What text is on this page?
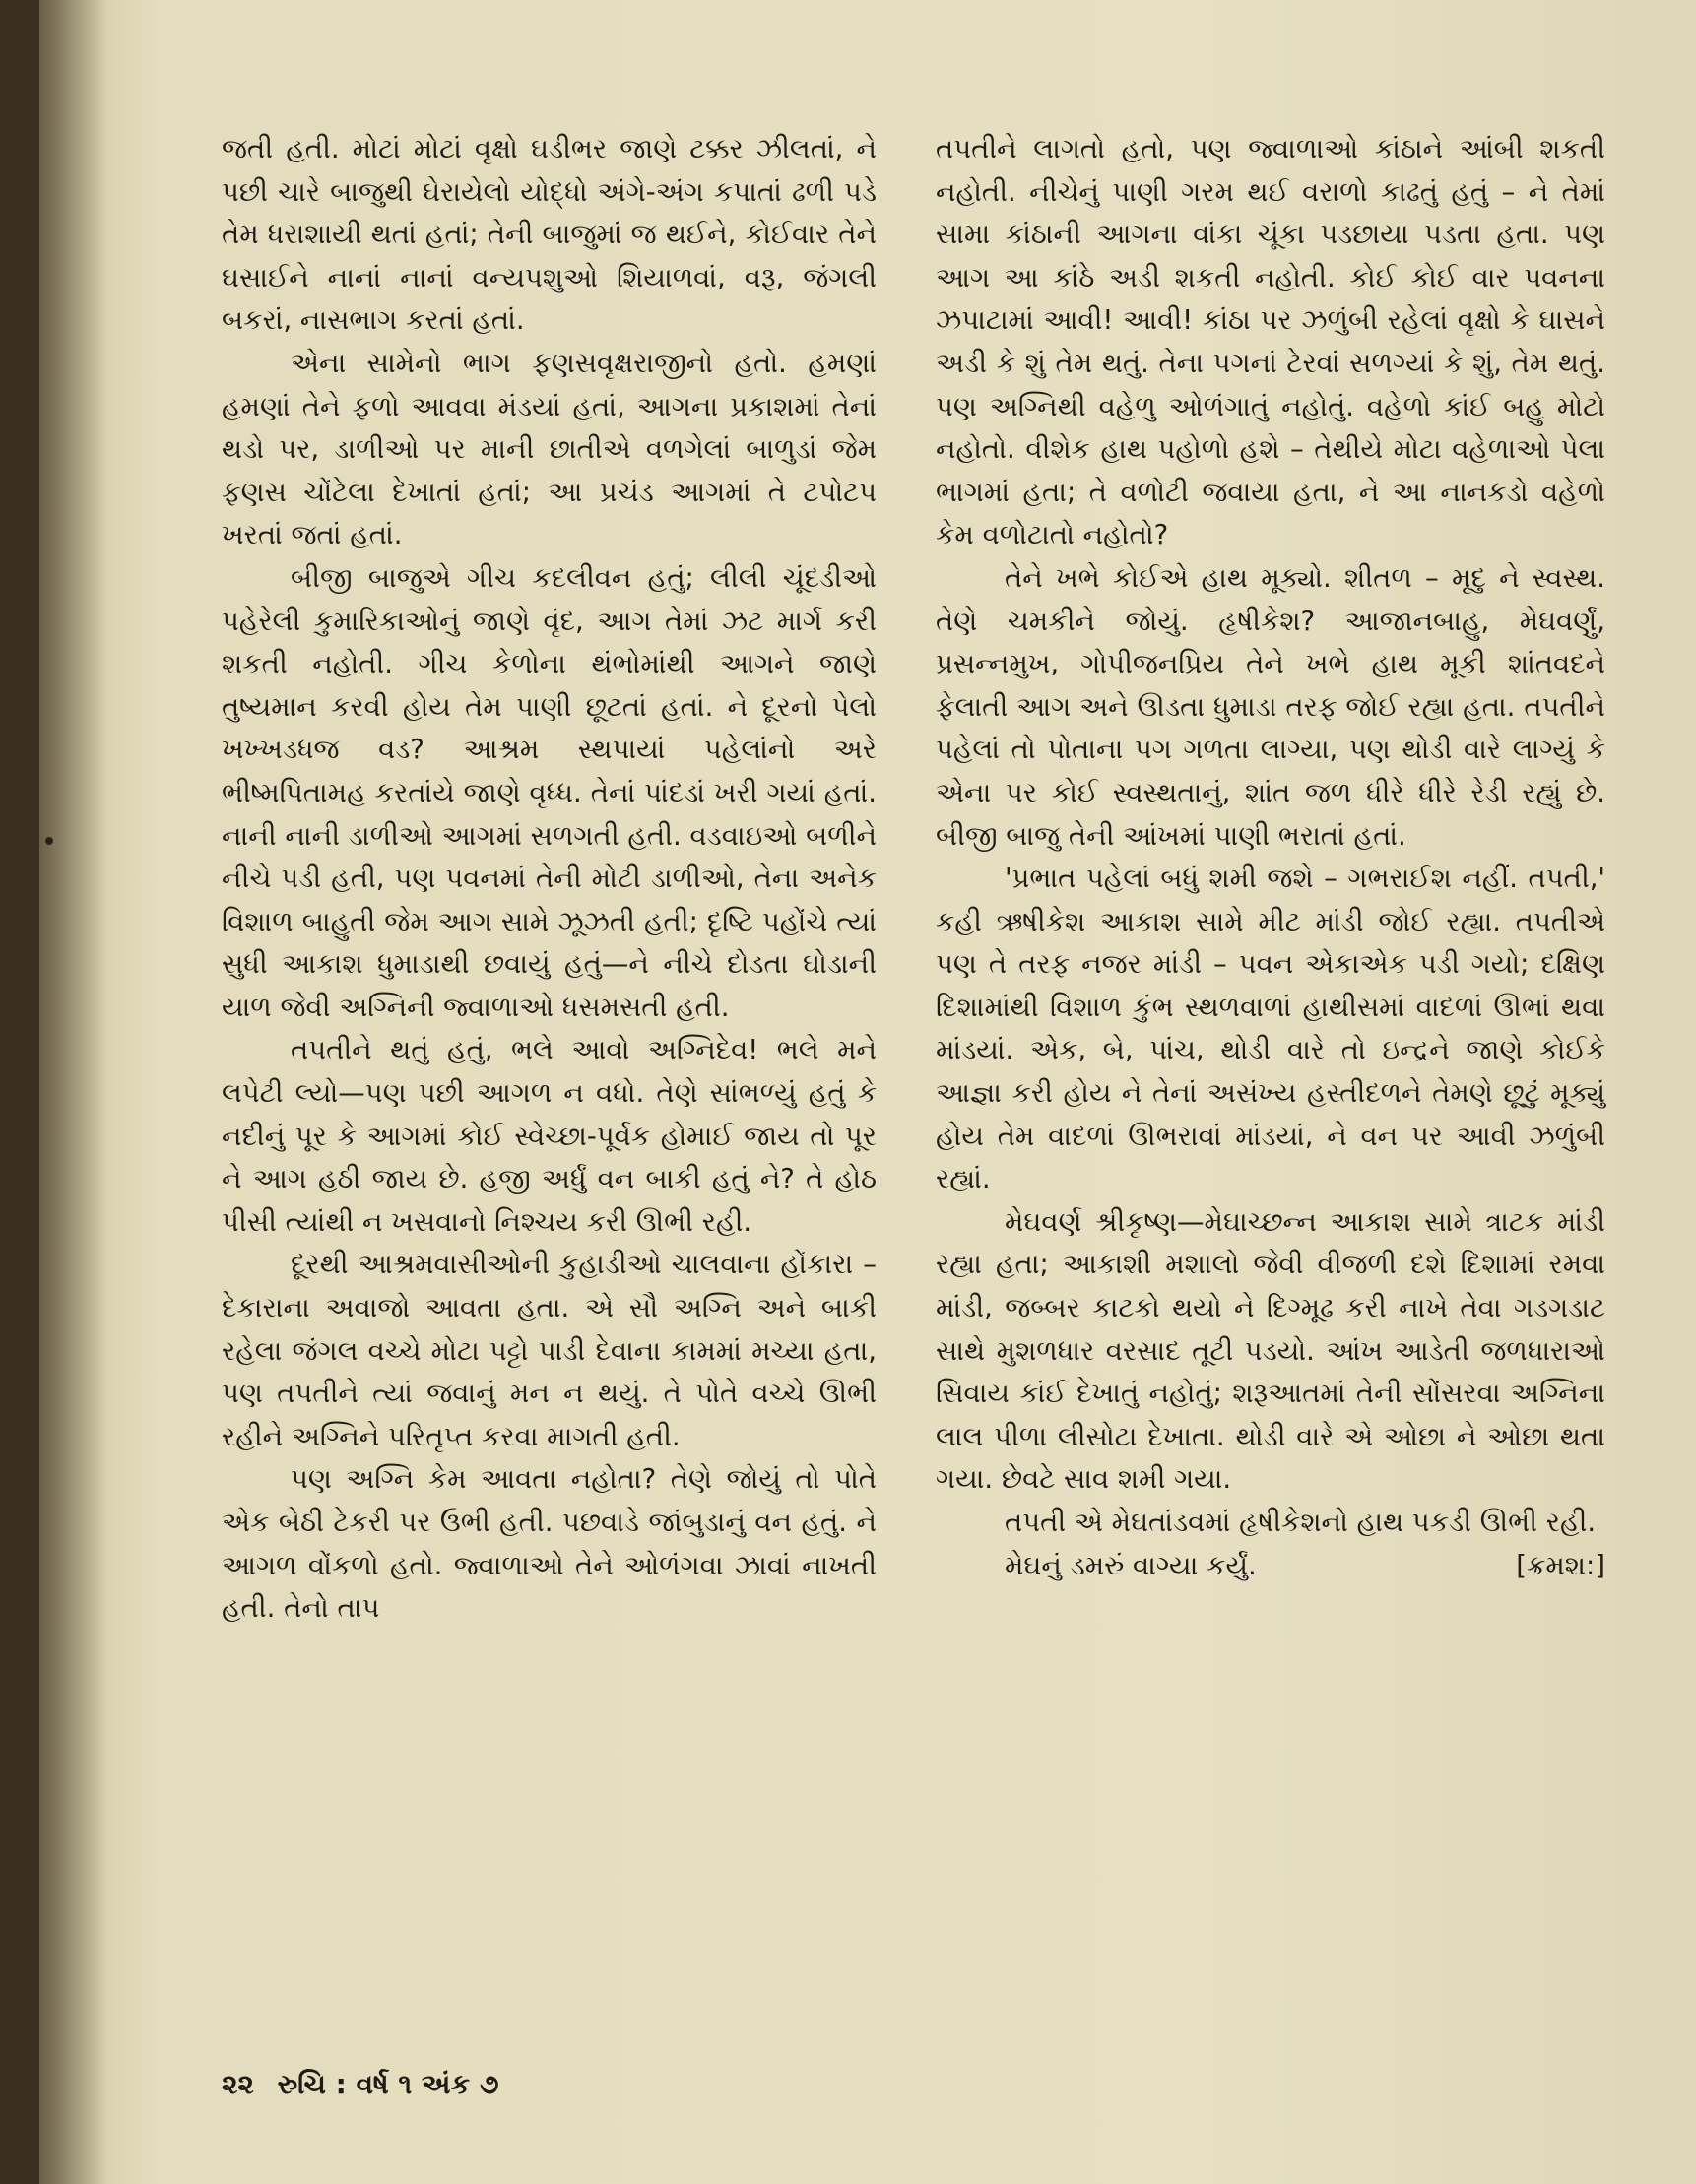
જતી હતી. મોટાં મોટાં વૃક્ષો ઘડીભર જાણે ટક્કર ઝીલતાં, ને પછી ચારે બાજુથી ઘેરાયેલો યોદ્ધો અંગે-અંગ કપાતાં ઢળી પડે તેમ ધરાશાયી થતાં હતાં; તેની બાજુમાં જ થઈને, કોઈવાર તેને ઘસાઈને નાનાં નાનાં વન્યપશુઓ શિયાળવાં, વરૂ, જંગલી બકરાં, નાસભાગ કરતાં હતાં.

એના સામેનો ભાગ ફણસવૃક્ષરાજીનો હતો. હમણાં હમણાં તેને ફળો આવવા મંડયાં હતાં, આગના પ્રકાશમાં તેનાં થડો પર, ડાળીઓ પર માની છાતીએ વળગેલાં બાળુડાં જેમ ફણસ ચોંટેલા દેખાતાં હતાં; આ પ્રચંડ આગમાં તે ટપોટપ ખરતાં જતાં હતાં.

બીજી બાજુએ ગીચ કદલીવન હતું; લીલી ચૂંદડીઓ પહેરેલી કુમારિકાઓનું જાણે વૃંદ, આગ તેમાં ઝટ માર્ગ કરી શકતી નહોતી. ગીચ કેળોના થંભોમાંથી આગને જાણે તુષ્યમાન કરવી હોય તેમ પાણી છૂટતાં હતાં. ને દૂરનો પેલો ખખ્ખડધજ વડ? આશ્રમ સ્થપાયાં પહેલાંનો અરે ભીષ્મપિતામહ કરતાંયે જાણે વૃધ્ધ. તેનાં પાંદડાં ખરી ગયાં હતાં. નાની નાની ડાળીઓ આગમાં સળગતી હતી. વડવાઇઓ બળીને નીચે પડી હતી, પણ પવનમાં તેની મોટી ડાળીઓ, તેના અનેક વિશાળ બાહુતી જેમ આગ સામે ઝૂઝતી હતી; દૃષ્ટિ પહોંચે ત્યાં સુધી આકાશ ધુમાડાથી છવાયું હતું—ને નીચે દોડતા ઘોડાની યાળ જેવી અગ્નિની જ્વાળાઓ ધસમસતી હતી.

તપતીને થતું હતું, ભલે આવો અગ્નિદેવ! ભલે મને લપેટી લ્યો—પણ પછી આગળ ન વધો. તેણે સાંભળ્યું હતું કે નદીનું પૂર કે આગમાં કોઈ સ્વેચ્છા-પૂર્વક હોમાઈ જાય તો પૂર ને આગ હઠી જાય છે. હજી અર્ધું વન બાકી હતું ને? તે હોઠ પીસી ત્યાંથી ન ખસવાનો નિશ્ચય કરી ઊભી રહી.

દૂરથી આશ્રમવાસીઓની કુહાડીઓ ચાલવાના હોંકારા – દેકારાના અવાજો આવતા હતા. એ સૌ અગ્નિ અને બાકી રહેલા જંગલ વચ્ચે મોટા પટ્ટો પાડી દેવાના કામમાં મચ્યા હતા, પણ તપતીને ત્યાં જવાનું મન ન થયું. તે પોતે વચ્ચે ઊભી રહીને અગ્નિને પરિતૃપ્ત કરવા માગતી હતી.

પણ અગ્નિ કેમ આવતા નહોતા? તેણે જોયું તો પોતે એક બેઠી ટેકરી પર ઉભી હતી. પછવાડે જાંબુડાનું વન હતું. ને આગળ વોંકળો હતો. જ્વાળાઓ તેને ઓળંગવા ઝાવાં નાખતી હતી. તેનો તાપ

તપતીને લાગતો હતો, પણ જ્વાળાઓ કાંઠાને આંબી શકતી નહોતી. નીચેનું પાણી ગરમ થઈ વરાળો કાઢતું હતું – ને તેમાં સામા કાંઠાની આગના વાંકા ચૂંકા પડછાયા પડતા હતા. પણ આગ આ કાંઠે અડી શકતી નહોતી. કોઈ કોઈ વાર પવનના ઝપાટામાં આવી! આવી! કાંઠા પર ઝળુંબી રહેલાં વૃક્ષો કે ઘાસને અડી કે શું તેમ થતું. તેના પગનાં ટેરવાં સળગ્યાં કે શું, તેમ થતું. પણ અગ્નિથી વહેળુ ઓળંગાતું નહોતું. વહેળો કાંઈ બહુ મોટો નહોતો. વીશેક હાથ પહોળો હશે – તેથીયે મોટા વહેળાઓ પેલા ભાગમાં હતા; તે વળોટી જવાયા હતા, ને આ નાનકડો વહેળો કેમ વળોટાતો નહોતો?

તેને ખભે કોઈએ હાથ મૂક્યો. શીતળ – મૃદુ ને સ્વસ્થ. તેણે ચમકીને જોયું. હૃષીકેશ? આજાનબાહુ, મેઘવર્ણું, પ્રસન્નમુખ, ગોપીજનપ્રિય તેને ખભે હાથ મૂકી શાંતવદને ફેલાતી આગ અને ઊડતા ધુમાડા તરફ જોઈ રહ્યા હતા. તપતીને પહેલાં તો પોતાના પગ ગળતા લાગ્યા, પણ થોડી વારે લાગ્યું કે એના પર કોઈ સ્વસ્થતાનું, શાંત જળ ધીરે ધીરે રેડી રહ્યું છે. બીજી બાજુ તેની આંખમાં પાણી ભરાતાં હતાં.

'પ્રભાત પહેલાં બધું શમી જશે – ગભરાઈશ નહીં. તપતી,' કહી ઋષીકેશ આકાશ સામે મીટ માંડી જોઈ રહ્યા. તપતીએ પણ તે તરફ નજર માંડી – પવન એકાએક પડી ગયો; દક્ષિણ દિશામાંથી વિશાળ કુંભ સ્થળવાળાં હાથીસમાં વાદળાં ઊભાં થવા માંડયાં. એક, બે, પાંચ, થોડી વારે તો ઇન્દ્રને જાણે કોઈકે આજ્ઞા કરી હોય ને તેનાં અસંખ્ય હસ્તીદળને તેમણે છૂટું મૂક્યું હોય તેમ વાદળાં ઊભરાવાં માંડયાં, ને વન પર આવી ઝળુંબી રહ્યાં.

મેઘવર્ણ શ્રીકૃષ્ણ—મેઘાચ્છન્ન આકાશ સામે ત્રાટક માંડી રહ્યા હતા; આકાશી મશાલો જેવી વીજળી દશે દિશામાં રમવા માંડી, જબ્બર કાટકો થયો ને દિગ્મૂઢ કરી નાખે તેવા ગડગડાટ સાથે મુશળધાર વરસાદ તૂટી પડયો. આંખ આડેતી જળધારાઓ સિવાય કાંઈ દેખાતું નહોતું; શરૂઆતમાં તેની સોંસરવા અગ્નિના લાલ પીળા લીસોટા દેખાતા. થોડી વારે એ ઓછા ને ઓછા થતા ગયા. છેવટે સાવ શમી ગયા.

તપતી એ મેઘતાંડવમાં હૃષીકેશનો હાથ પકડી ઊભી રહી.

મેઘનું ડમરું વાગ્યા કર્યું.	[ક્રમશ:]
૨૨ રુચિ : વર્ષ ૧ અંક ૭
